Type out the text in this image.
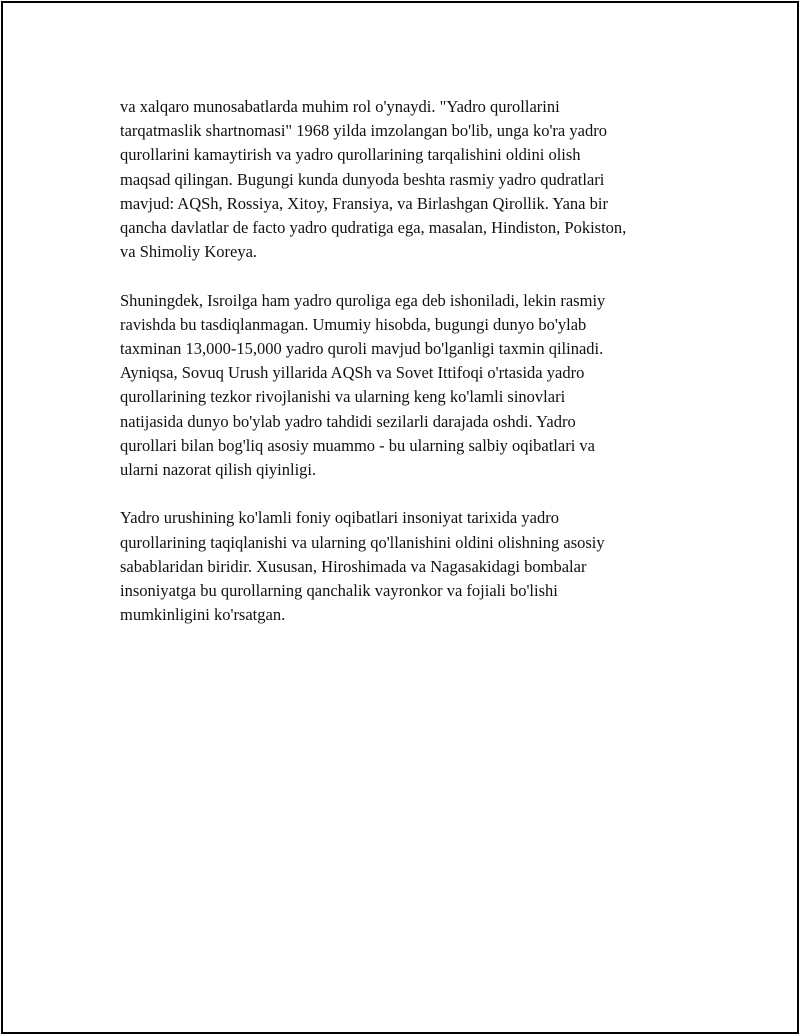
va xalqaro munosabatlarda muhim rol o'ynaydi. "Yadro qurollarini
tarqatmaslik shartnomasi" 1968 yilda imzolangan bo'lib, unga ko'ra yadro
qurollarini kamaytirish va yadro qurollarining tarqalishini oldini olish
maqsad qilingan. Bugungi kunda dunyoda beshta rasmiy yadro qudratlari
mavjud: AQSh, Rossiya, Xitoy, Fransiya, va Birlashgan Qirollik. Yana bir
qancha davlatlar de facto yadro qudratiga ega, masalan, Hindiston, Pokiston,
va Shimoliy Koreya.

Shuningdek, Isroilga ham yadro quroliga ega deb ishoniladi, lekin rasmiy
ravishda bu tasdiqlanmagan. Umumiy hisobda, bugungi dunyo bo'ylab
taxminan 13,000-15,000 yadro quroli mavjud bo'lganligi taxmin qilinadi.
Ayniqsa, Sovuq Urush yillarida AQSh va Sovet Ittifoqi o'rtasida yadro
qurollarining tezkor rivojlanishi va ularning keng ko'lamli sinovlari
natijasida dunyo bo'ylab yadro tahdidi sezilarli darajada oshdi. Yadro
qurollari bilan bog'liq asosiy muammo - bu ularning salbiy oqibatlari va
ularni nazorat qilish qiyinligi.

Yadro urushining ko'lamli foniy oqibatlari insoniyat tarixida yadro
qurollarining taqiqlanishi va ularning qo'llanishini oldini olishning asosiy
sabablaridan biridir. Xususan, Hiroshimada va Nagasakidagi bombalar
insoniyatga bu qurollarning qanchalik vayronkor va fojiali bo'lishi
mumkinligini ko'rsatgan.
